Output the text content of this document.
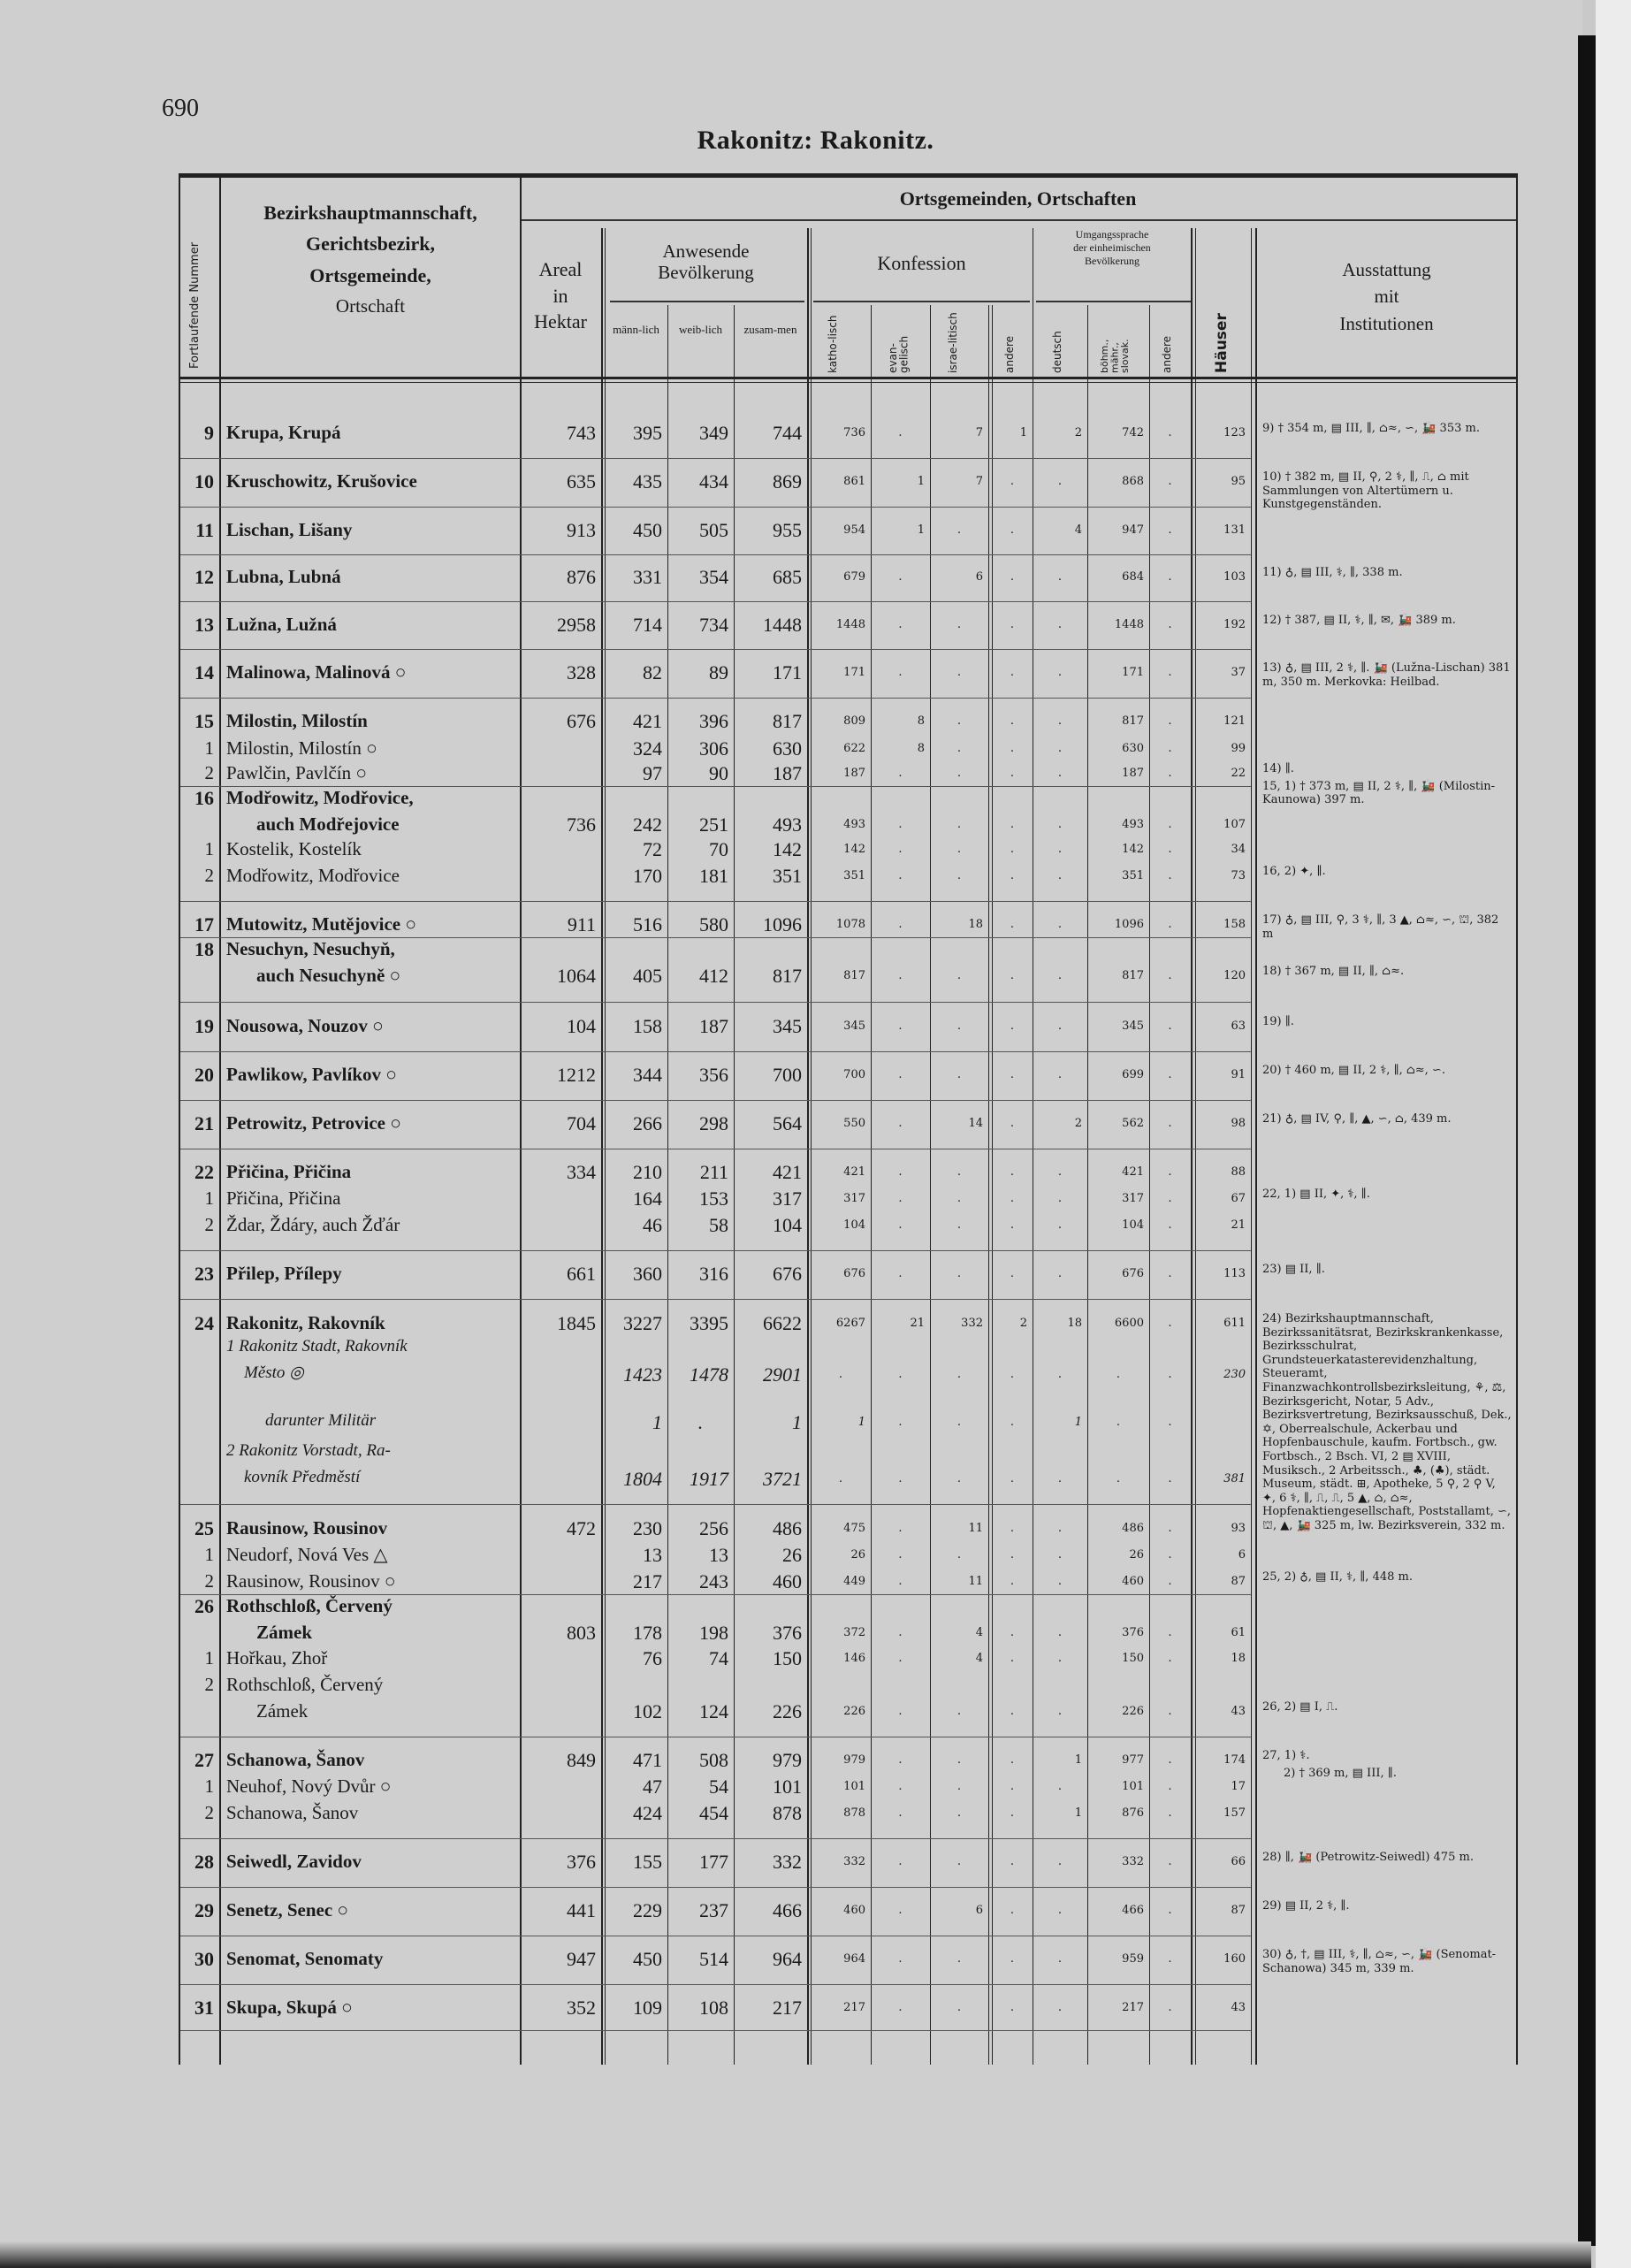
690
Rakonitz: Rakonitz.
Fortlaufende Nummer
Bezirkshauptmannschaft,
Gerichtsbezirk,
Ortsgemeinde,
Ortschaft
Ortsgemeinden, Ortschaften
Areal
in
Hektar
Anwesende
Bevölkerung
männ-lich	weib-lich	zusam-men
Konfession
katho-lisch	evan-gelisch	israe-litisch	andere
Umgangssprache
der einheimischen
Bevölkerung
deutsch	böhm., mähr., slovak.	andere	Häuser
Ausstattung
mit
Institutionen
9 Krupa, Krupá	743	395	349	744	736	.	7	1	2	742	.	123
10 Kruschowitz, Krušovice	635	435	434	869	861	1	7	.	.	868	.	95
11 Lischan, Lišany	913	450	505	955	954	1	.	.	4	947	.	131
12 Lubna, Lubná	876	331	354	685	679	.	6	.	.	684	.	103
13 Lužna, Lužná	2958	714	734	1448	1448	.	.	.	.	1448	.	192
14 Malinowa, Malinová ○	328	82	89	171	171	.	.	.	.	171	.	37
15 Milostin, Milostín	676	421	396	817	809	8	.	.	.	817	.	121
1 Milostin, Milostín ○	324	306	630	622	8	.	.	.	630	.	99
2 Pawlčin, Pavlčín ○	97	90	187	187	.	.	.	.	187	.	22
16 Modřowitz, Modřovice,
auch Modřejovice	736	242	251	493	493	.	.	.	.	493	.	107
1 Kostelik, Kostelík	72	70	142	142	.	.	.	.	142	.	34
2 Modřowitz, Modřovice	170	181	351	351	.	.	.	.	351	.	73
17 Mutowitz, Mutějovice ○	911	516	580	1096	1078	.	18	.	.	1096	.	158
18 Nesuchyn, Nesuchyň,
auch Nesuchyně ○	1064	405	412	817	817	.	.	.	.	817	.	120
19 Nousowa, Nouzov ○	104	158	187	345	345	.	.	.	.	345	.	63
20 Pawlikow, Pavlíkov ○	1212	344	356	700	700	.	.	.	.	699	.	91
21 Petrowitz, Petrovice ○	704	266	298	564	550	.	14	.	2	562	.	98
22 Přičina, Přičina	334	210	211	421	421	.	.	.	.	421	.	88
1 Přičina, Přičina	164	153	317	317	.	.	.	.	317	.	67
2 Ždar, Ždáry, auch Žďár	46	58	104	104	.	.	.	.	104	.	21
23 Přilep, Přílepy	661	360	316	676	676	.	.	.	.	676	.	113
24 Rakonitz, Rakovník	1845	3227	3395	6622	6267	21	332	2	18	6600	.	611
1 Rakonitz Stadt, Rakovník
Město ◎	1423	1478	2901	.	.	.	.	.	.	.	230
darunter Militär	1	.	1	1	.	.	.	1	.	.
2 Rakonitz Vorstadt, Ra-
kovník Předměstí	1804	1917	3721	.	.	.	.	.	.	.	381
25 Rausinow, Rousinov	472	230	256	486	475	.	11	.	.	486	.	93
1 Neudorf, Nová Ves △	13	13	26	26	.	.	.	.	26	.	6
2 Rausinow, Rousinov ○	217	243	460	449	.	11	.	.	460	.	87
26 Rothschloß, Červený
Zámek	803	178	198	376	372	.	4	.	.	376	.	61
1 Hořkau, Zhoř	76	74	150	146	.	4	.	.	150	.	18
2 Rothschloß, Červený
Zámek	102	124	226	226	.	.	.	.	226	.	43
27 Schanowa, Šanov	849	471	508	979	979	.	.	.	1	977	.	174
1 Neuhof, Nový Dvůr ○	47	54	101	101	.	.	.	.	101	.	17
2 Schanowa, Šanov	424	454	878	878	.	.	.	1	876	.	157
28 Seiwedl, Zavidov	376	155	177	332	332	.	.	.	.	332	.	66
29 Senetz, Senec ○	441	229	237	466	460	.	6	.	.	466	.	87
30 Senomat, Senomaty	947	450	514	964	964	.	.	.	.	959	.	160
31 Skupa, Skupá ○	352	109	108	217	217	.	.	.	.	217	.	43
9) † 354 m, ▤ III, ∥, ⌂≈, ∽, 🚂 353 m.
10) † 382 m, ▤ II, ⚲, 2 ⚕, ∥, ⎍, ⌂ mit Sammlungen von Altertümern u. Kunstgegenständen.
11) ♁, ▤ III, ⚕, ∥, 338 m.
12) † 387, ▤ II, ⚕, ∥, ✉, 🚂 389 m.
13) ♁, ▤ III, 2 ⚕, ∥. 🚂 (Lužna-Lischan) 381 m, 350 m. Merkovka: Heilbad.
14) ∥.
15, 1) † 373 m, ▤ II, 2 ⚕, ∥, 🚂 (Milostin-Kaunowa) 397 m.
16, 2) ✦, ∥.
17) ♁, ▤ III, ⚲, 3 ⚕, ∥, 3 ▲, ⌂≈, ∽, ⛫, 382 m
18) † 367 m, ▤ II, ∥, ⌂≈.
19) ∥.
20) † 460 m, ▤ II, 2 ⚕, ∥, ⌂≈, ∽.
21) ♁, ▤ IV, ⚲, ∥, ▲, ∽, ⌂, 439 m.
22, 1) ▤ II, ✦, ⚕, ∥.
23) ▤ II, ∥.
24) Bezirkshauptmannschaft, Bezirkssanitätsrat, Bezirkskrankenkasse, Bezirksschulrat, Grundsteuerkatasterevidenzhaltung, Steueramt, Finanzwachkontrollsbezirksleitung, ⚘, ⚖, Bezirksgericht, Notar, 5 Adv., Bezirksvertretung, Bezirksausschuß, Dek., ✡, Oberrealschule, Ackerbau und Hopfenbauschule, kaufm. Fortbsch., gw. Fortbsch., 2 Bsch. VI, 2 ▤ XVIII, Musiksch., 2 Arbeitssch., ♣, (♣), städt. Museum, städt. ⊞, Apotheke, 5 ⚲, 2 ⚲ V, ✦, 6 ⚕, ∥, ⎍, ⎍, 5 ▲, ⌂, ⌂≈, Hopfenaktiengesellschaft, Poststallamt, ∽, ⛫, ▲, 🚂 325 m, lw. Bezirksverein, 332 m.
25, 2) ♁, ▤ II, ⚕, ∥, 448 m.
26, 2) ▤ I, ⎍.
27, 1) ⚕.
2) † 369 m, ▤ III, ∥.
28) ∥, 🚂 (Petrowitz-Seiwedl) 475 m.
29) ▤ II, 2 ⚕, ∥.
30) ♁, †, ▤ III, ⚕, ∥, ⌂≈, ∽, 🚂 (Senomat-Schanowa) 345 m, 339 m.
